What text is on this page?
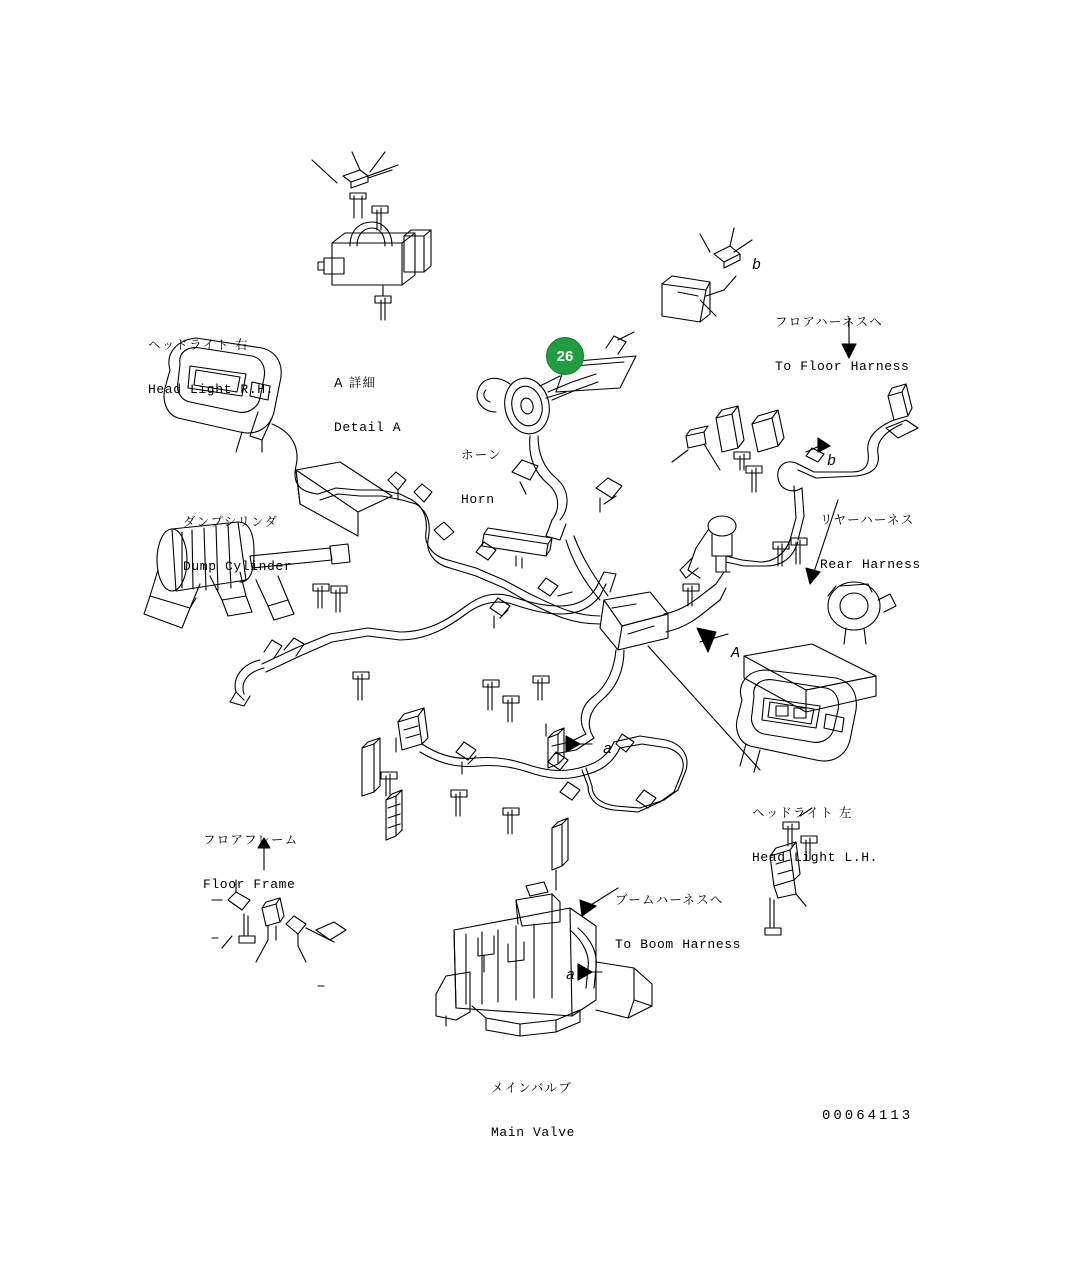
26

ヘッドライト 右

Head Light R.H.

	A 詳細

Detail A

ホーン

Horn

フロアハーネスへ

To Floor Harness

リヤーハーネス

Rear Harness

ダンプシリンダ

Dump Cylinder

ヘッドライト 左

Head Light L.H.

フロアフレーム

Floor Frame

ブームハーネスへ

To Boom Harness

メインバルブ

Main Valve

b
b
A
a
a
00064113
